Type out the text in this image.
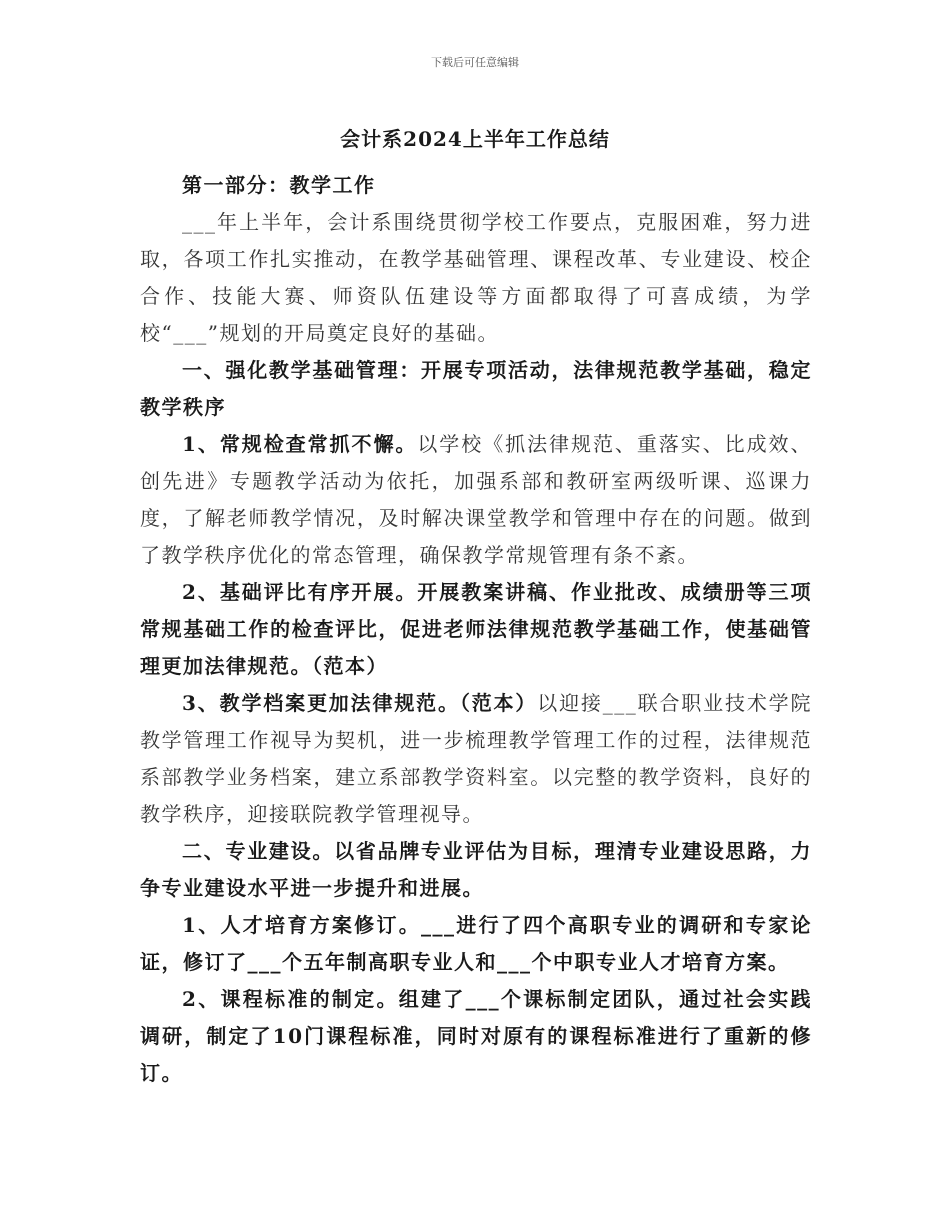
下载后可任意编辑
会计系2024上半年工作总结

第一部分：教学工作

___年上半年，会计系围绕贯彻学校工作要点，克服困难，努力进取，各项工作扎实推动，在教学基础管理、课程改革、专业建设、校企合作、技能大赛、师资队伍建设等方面都取得了可喜成绩，为学校“___”规划的开局奠定良好的基础。

一、强化教学基础管理：开展专项活动，法律规范教学基础，稳定教学秩序

1、常规检查常抓不懈。以学校《抓法律规范、重落实、比成效、创先进》专题教学活动为依托，加强系部和教研室两级听课、巡课力度，了解老师教学情况，及时解决课堂教学和管理中存在的问题。做到了教学秩序优化的常态管理，确保教学常规管理有条不紊。

2、基础评比有序开展。开展教案讲稿、作业批改、成绩册等三项常规基础工作的检查评比，促进老师法律规范教学基础工作，使基础管理更加法律规范。（范本）

3、教学档案更加法律规范。（范本）以迎接___联合职业技术学院教学管理工作视导为契机，进一步梳理教学管理工作的过程，法律规范系部教学业务档案，建立系部教学资料室。以完整的教学资料，良好的教学秩序，迎接联院教学管理视导。

二、专业建设。以省品牌专业评估为目标，理清专业建设思路，力争专业建设水平进一步提升和进展。

1、人才培育方案修订。___进行了四个高职专业的调研和专家论证，修订了___个五年制高职专业人和___个中职专业人才培育方案。

2、课程标准的制定。组建了___个课标制定团队，通过社会实践调研，制定了10门课程标准，同时对原有的课程标准进行了重新的修订。
